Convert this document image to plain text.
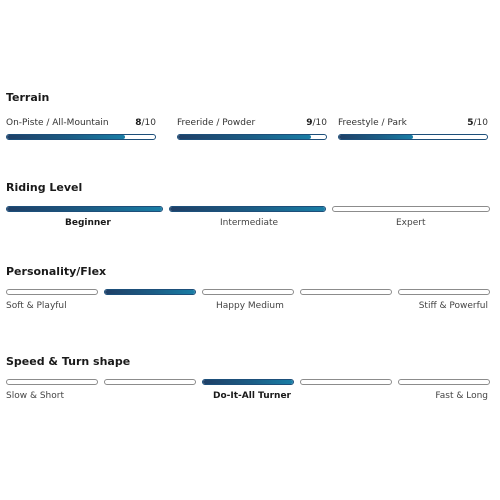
Terrain
On-Piste / All-Mountain	8/10 Freeride / Powder	9/10 Freestyle / Park	5/10
Riding Level
Beginner	Intermediate	Expert
Personality/Flex
Soft & Playful	Happy Medium	Stiff & Powerful
Speed & Turn shape
Slow & Short	Do-It-All Turner	Fast & Long
